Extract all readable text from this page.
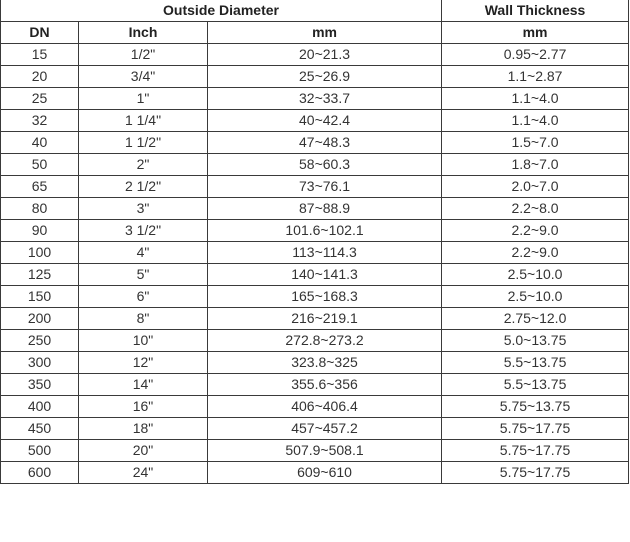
Outside Diameter			Wall Thickness
DN	Inch	mm	mm
15	1/2"	20~21.3	0.95~2.77
20	3/4"	25~26.9	1.1~2.87
25	1"	32~33.7	1.1~4.0
32	1 1/4"	40~42.4	1.1~4.0
40	1 1/2"	47~48.3	1.5~7.0
50	2"	58~60.3	1.8~7.0
65	2 1/2"	73~76.1	2.0~7.0
80	3"	87~88.9	2.2~8.0
90	3 1/2"	101.6~102.1	2.2~9.0
100	4"	113~114.3	2.2~9.0
125	5"	140~141.3	2.5~10.0
150	6"	165~168.3	2.5~10.0
200	8"	216~219.1	2.75~12.0
250	10"	272.8~273.2	5.0~13.75
300	12"	323.8~325	5.5~13.75
350	14"	355.6~356	5.5~13.75
400	16"	406~406.4	5.75~13.75
450	18"	457~457.2	5.75~17.75
500	20"	507.9~508.1	5.75~17.75
600	24"	609~610	5.75~17.75
